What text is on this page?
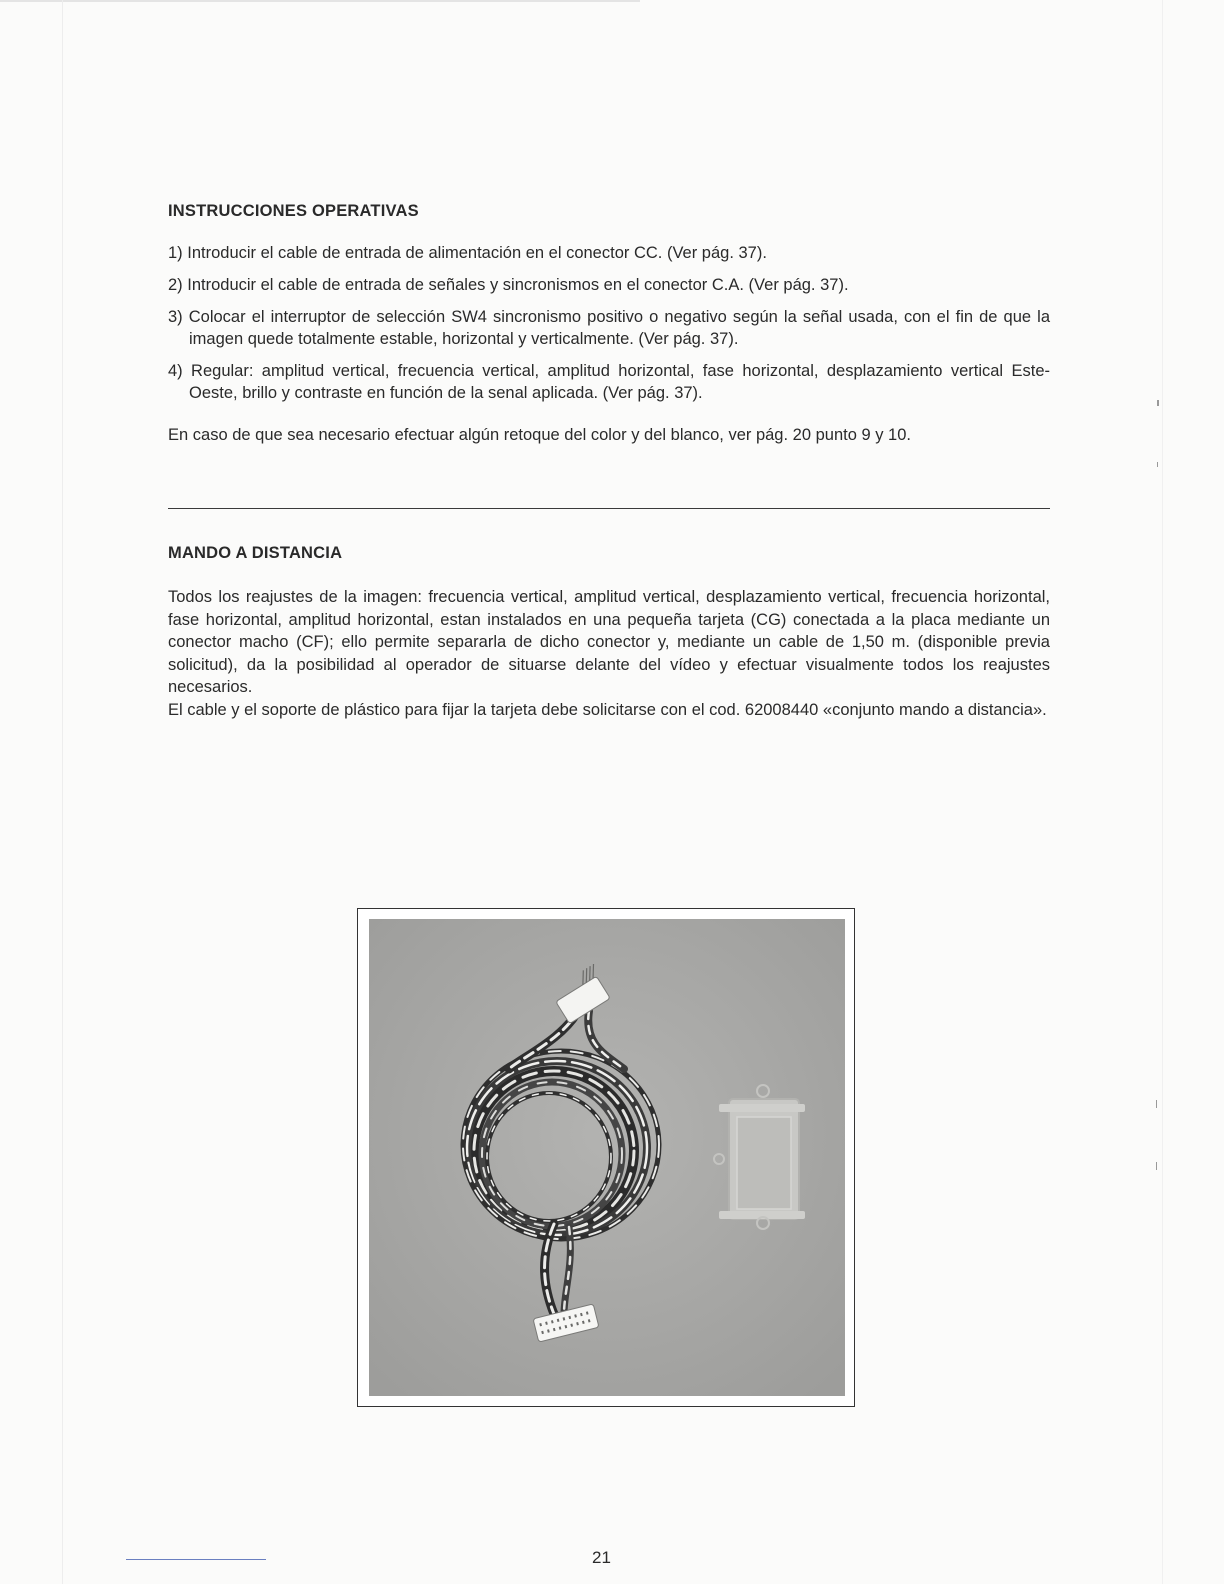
INSTRUCCIONES OPERATIVAS
1) Introducir el cable de entrada de alimentación en el conector CC. (Ver pág. 37).
2) Introducir el cable de entrada de señales y sincronismos en el conector C.A. (Ver pág. 37).
3) Colocar el interruptor de selección SW4 sincronismo positivo o negativo según la señal usada, con el fin de que la imagen quede totalmente estable, horizontal y verticalmente. (Ver pág. 37).
4) Regular: amplitud vertical, frecuencia vertical, amplitud horizontal, fase horizontal, desplazamiento vertical Este-Oeste, brillo y contraste en función de la senal aplicada. (Ver pág. 37).
En caso de que sea necesario efectuar algún retoque del color y del blanco, ver pág. 20 punto 9 y 10.
MANDO A DISTANCIA

Todos los reajustes de la imagen: frecuencia vertical, amplitud vertical, desplazamiento vertical, frecuencia horizontal, fase horizontal, amplitud horizontal, estan instalados en una pequeña tarjeta (CG) conectada a la placa mediante un conector macho (CF); ello permite separarla de dicho conector y, mediante un cable de 1,50 m. (disponible previa solicitud), da la posibilidad al operador de situarse delante del vídeo y efectuar visualmente todos los reajustes necesarios.

El cable y el soporte de plástico para fijar la tarjeta debe solicitarse con el cod. 62008440 «conjunto mando a distancia».

21
